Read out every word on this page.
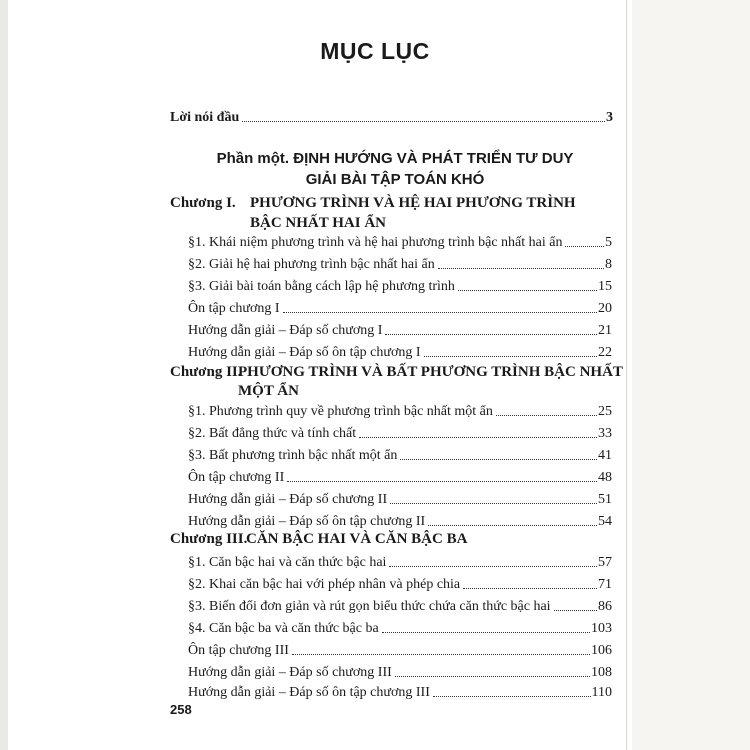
MỤC LỤC
Lời nói đầu	3
Phần một. ĐỊNH HƯỚNG VÀ PHÁT TRIỂN TƯ DUY
GIẢI BÀI TẬP TOÁN KHÓ
Chương I. PHƯƠNG TRÌNH VÀ HỆ HAI PHƯƠNG TRÌNH
BẬC NHẤT HAI ẨN
§1. Khái niệm phương trình và hệ hai phương trình bậc nhất hai ẩn	5
§2. Giải hệ hai phương trình bậc nhất hai ẩn	8
§3. Giải bài toán bằng cách lập hệ phương trình	15
Ôn tập chương I	20
Hướng dẫn giải – Đáp số chương I	21
Hướng dẫn giải – Đáp số ôn tập chương I	22
Chương II.PHƯƠNG TRÌNH VÀ BẤT PHƯƠNG TRÌNH BẬC NHẤT
MỘT ẨN
§1. Phương trình quy về phương trình bậc nhất một ẩn	25
§2. Bất đẳng thức và tính chất	33
§3. Bất phương trình bậc nhất một ẩn	41
Ôn tập chương II	48
Hướng dẫn giải – Đáp số chương II	51
Hướng dẫn giải – Đáp số ôn tập chương II	54
Chương III.CĂN BẬC HAI VÀ CĂN BẬC BA
§1. Căn bậc hai và căn thức bậc hai	57
§2. Khai căn bậc hai với phép nhân và phép chia	71
§3. Biến đổi đơn giản và rút gọn biểu thức chứa căn thức bậc hai	86
§4. Căn bậc ba và căn thức bậc ba	103
Ôn tập chương III	106
Hướng dẫn giải – Đáp số chương III	108
Hướng dẫn giải – Đáp số ôn tập chương III	110
258
